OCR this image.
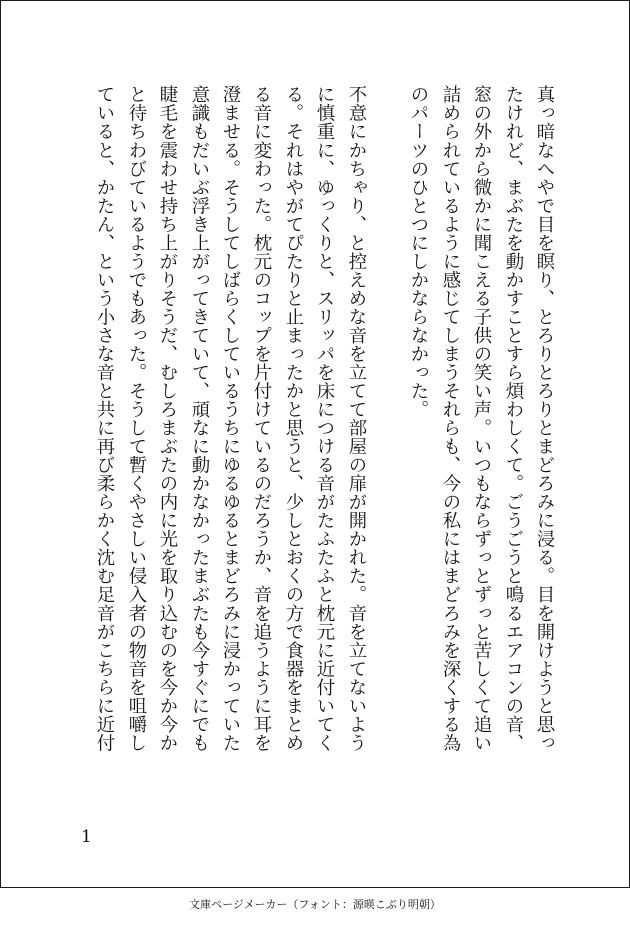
真っ暗なへやで目を瞑り、とろりとろりとまどろみに浸る。目を開けようと思っ
たけれど、まぶたを動かすことすら煩わしくて。ごうごうと鳴るエアコンの音、
窓の外から微かに聞こえる子供の笑い声。いつもならずっとずっと苦しくて追い
詰められているように感じてしまうそれらも、今の私にはまどろみを深くする為
のパーツのひとつにしかならなかった。
不意にかちゃり、と控えめな音を立てて部屋の扉が開かれた。音を立てないよう
に慎重に、ゆっくりと、スリッパを床につける音がたふたふと枕元に近付いてく
る。それはやがてぴたりと止まったかと思うと、少しとおくの方で食器をまとめ
る音に変わった。枕元のコップを片付けているのだろうか、音を追うように耳を
澄ませる。そうしてしばらくしているうちにゆるゆるとまどろみに浸かっていた
意識もだいぶ浮き上がってきていて、頑なに動かなかったまぶたも今すぐにでも
睫毛を震わせ持ち上がりそうだ、むしろまぶたの内に光を取り込むのを今か今か
と待ちわびているようでもあった。そうして暫くやさしい侵入者の物音を咀嚼し
ていると、かたん、という小さな音と共に再び柔らかく沈む足音がこちらに近付
1
文庫ページメーカー（フォント：源暎こぶり明朝）
